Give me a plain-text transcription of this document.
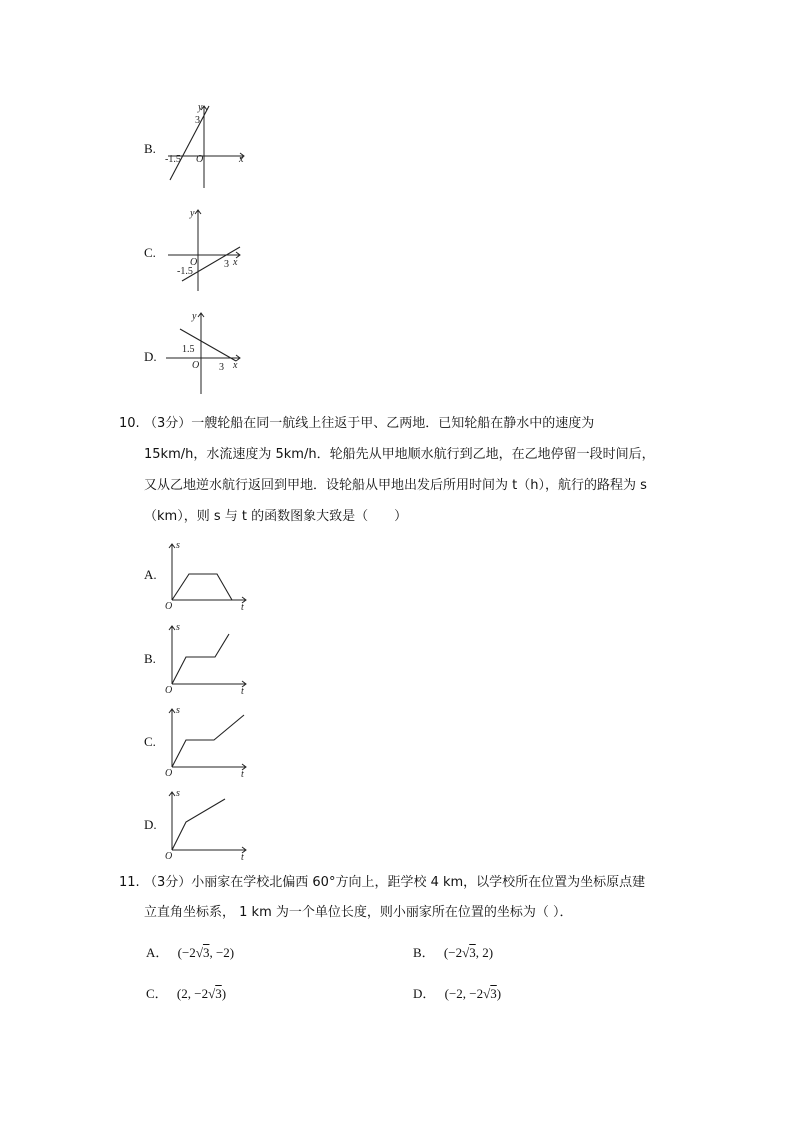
B.
y
x
O
3
-1.5
C.
y
x
O
-1.5
3
D.
y
x
O
1.5
3
10. （3分）一艘轮船在同一航线上往返于甲、乙两地．已知轮船在静水中的速度为
15km/h，水流速度为 5km/h．轮船先从甲地顺水航行到乙地，在乙地停留一段时间后，
又从乙地逆水航行返回到甲地．设轮船从甲地出发后所用时间为 t（h），航行的路程为 s
（km），则 s 与 t 的函数图象大致是（　　）
A.
s
t
O
B.
s
t
O
C.
s
t
O
D.
s
t
O
11. （3分）小丽家在学校北偏西 60°方向上，距学校 4 km，以学校所在位置为坐标原点建
立直角坐标系， 1 km 为一个单位长度，则小丽家所在位置的坐标为（ ）．
A． (−2√3, −2)	B． (−2√3, 2)
C． (2, −2√3)	D． (−2, −2√3)
